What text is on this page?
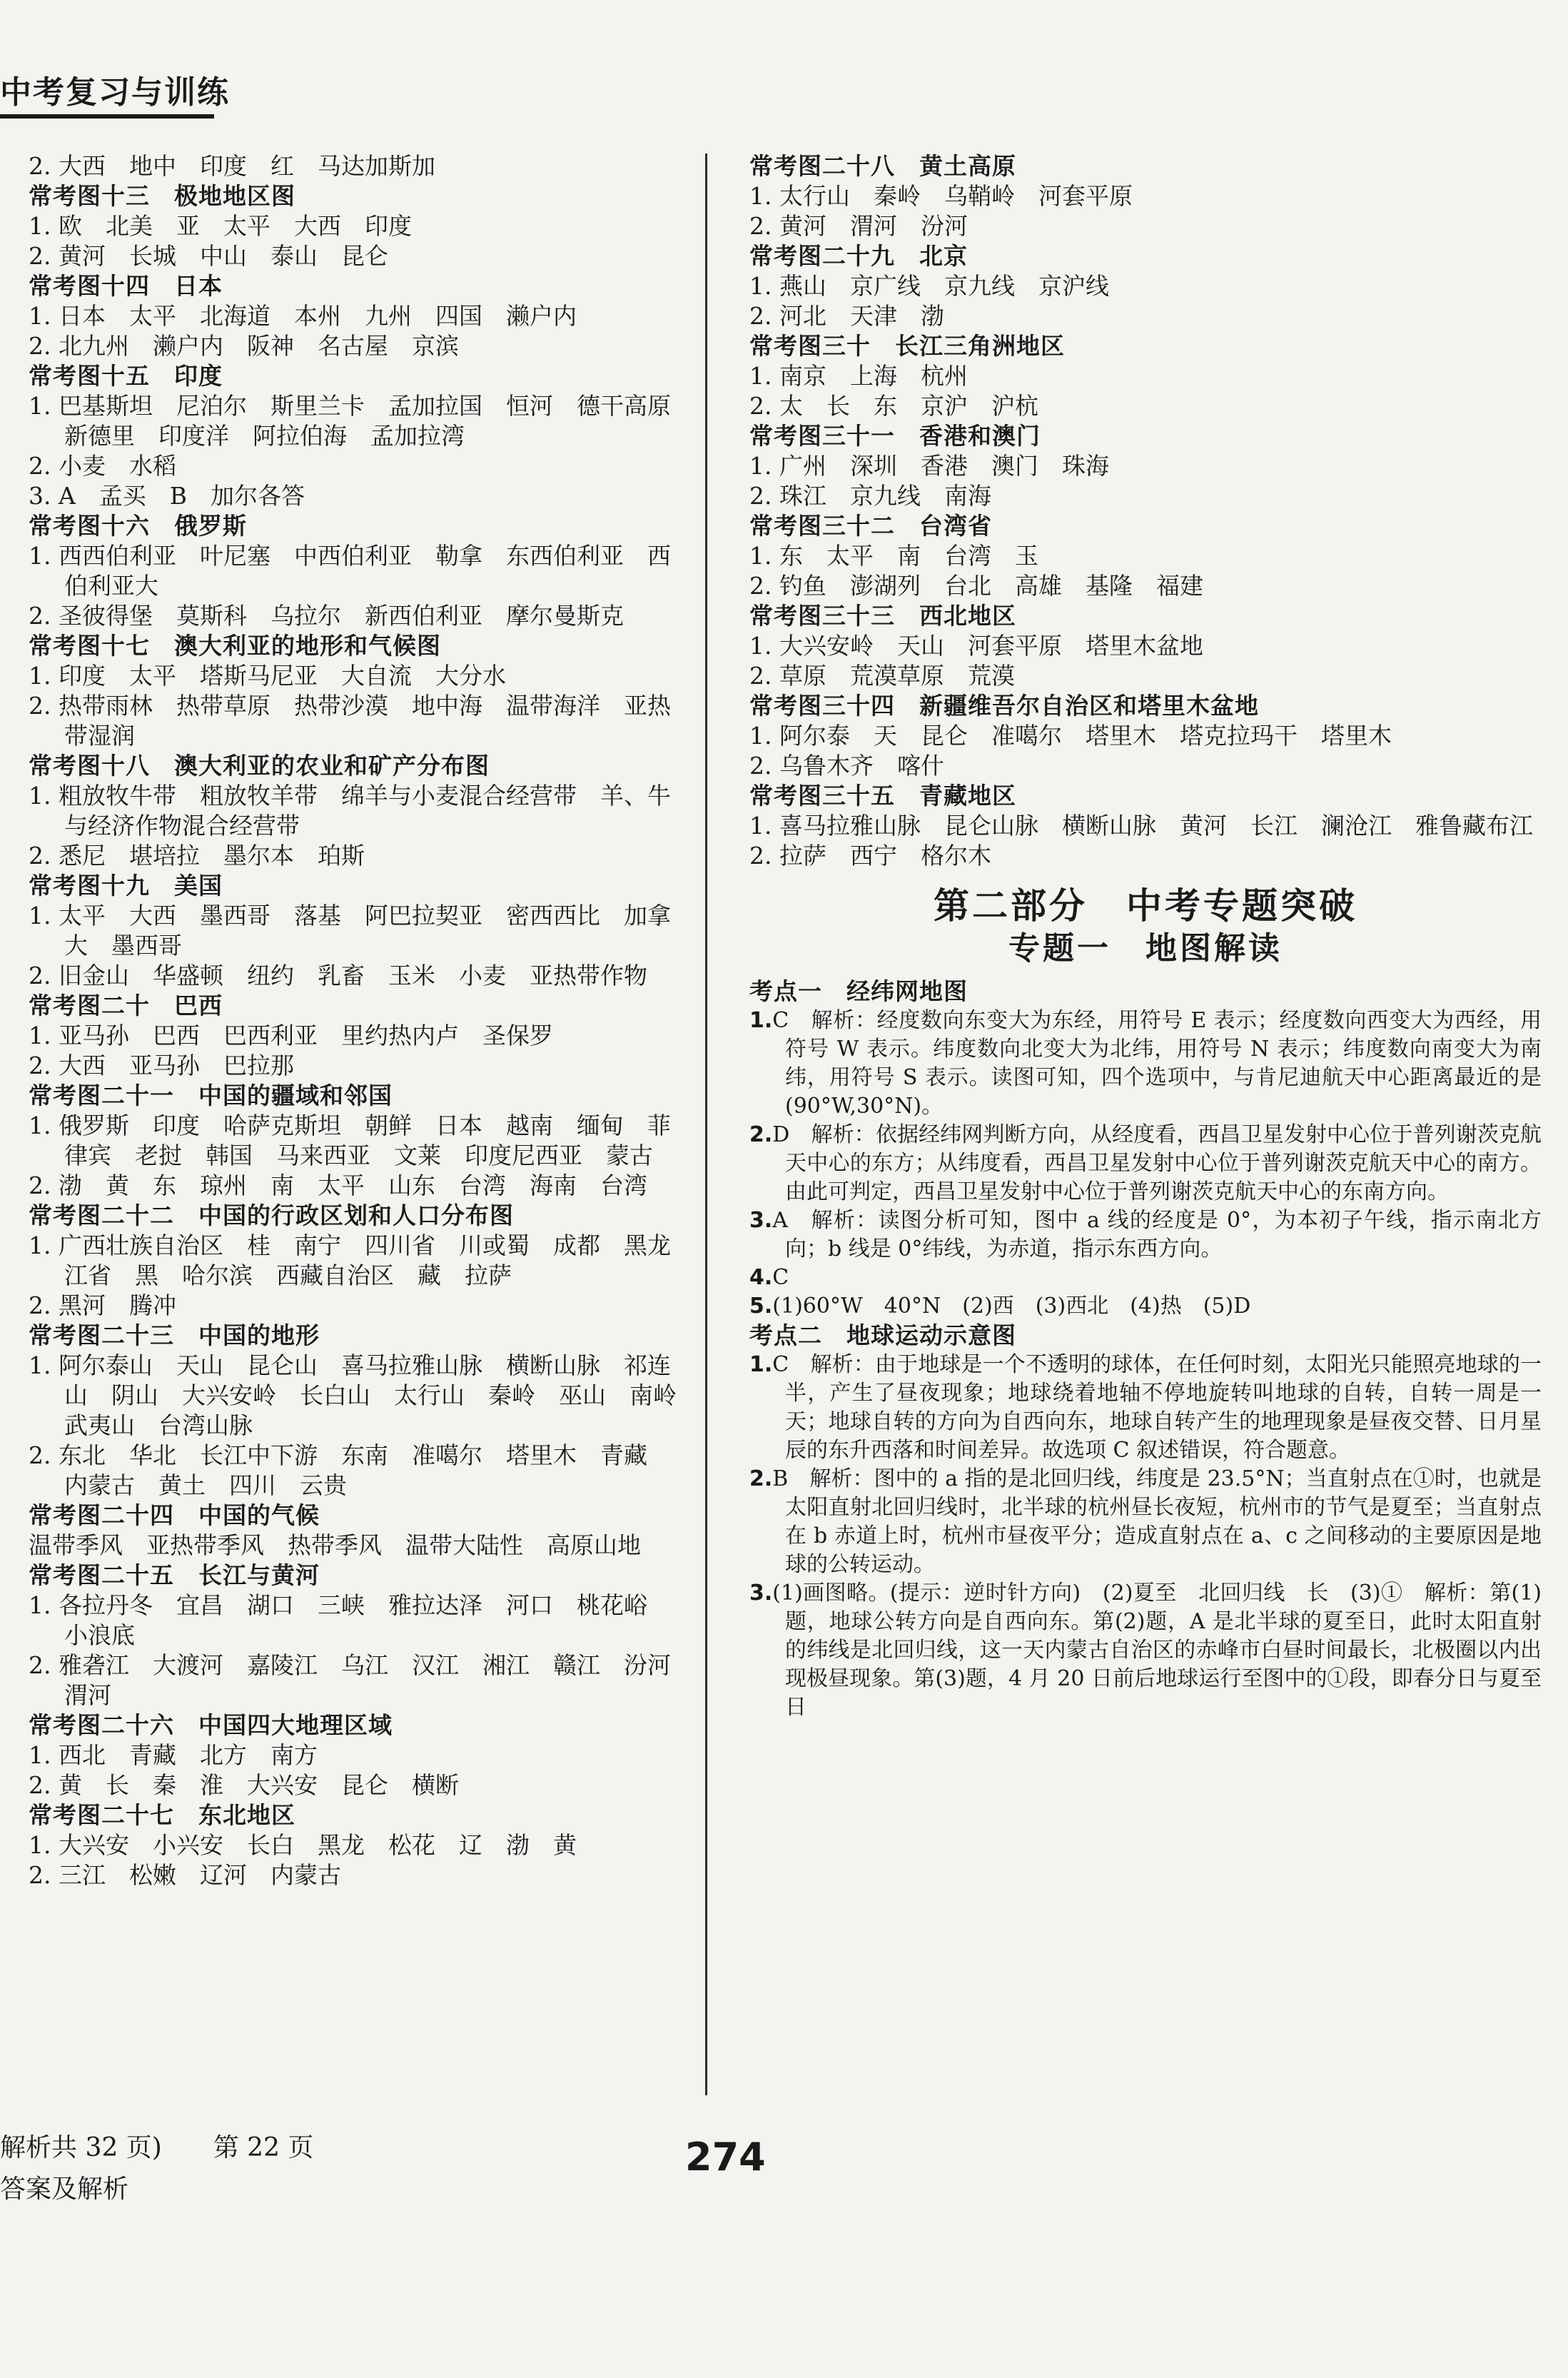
中考复习与训练
2. 大西　地中　印度　红　马达加斯加
常考图十三　极地地区图
1. 欧　北美　亚　太平　大西　印度
2. 黄河　长城　中山　泰山　昆仑
常考图十四　日本
1. 日本　太平　北海道　本州　九州　四国　濑户内
2. 北九州　濑户内　阪神　名古屋　京滨
常考图十五　印度
1. 巴基斯坦　尼泊尔　斯里兰卡　孟加拉国　恒河　德干高原　新德里　印度洋　阿拉伯海　孟加拉湾
2. 小麦　水稻
3. A　孟买　B　加尔各答
常考图十六　俄罗斯
1. 西西伯利亚　叶尼塞　中西伯利亚　勒拿　东西伯利亚　西伯利亚大
2. 圣彼得堡　莫斯科　乌拉尔　新西伯利亚　摩尔曼斯克
常考图十七　澳大利亚的地形和气候图
1. 印度　太平　塔斯马尼亚　大自流　大分水
2. 热带雨林　热带草原　热带沙漠　地中海　温带海洋　亚热带湿润
常考图十八　澳大利亚的农业和矿产分布图
1. 粗放牧牛带　粗放牧羊带　绵羊与小麦混合经营带　羊、牛与经济作物混合经营带
2. 悉尼　堪培拉　墨尔本　珀斯
常考图十九　美国
1. 太平　大西　墨西哥　落基　阿巴拉契亚　密西西比　加拿大　墨西哥
2. 旧金山　华盛顿　纽约　乳畜　玉米　小麦　亚热带作物
常考图二十　巴西
1. 亚马孙　巴西　巴西利亚　里约热内卢　圣保罗
2. 大西　亚马孙　巴拉那
常考图二十一　中国的疆域和邻国
1. 俄罗斯　印度　哈萨克斯坦　朝鲜　日本　越南　缅甸　菲律宾　老挝　韩国　马来西亚　文莱　印度尼西亚　蒙古
2. 渤　黄　东　琼州　南　太平　山东　台湾　海南　台湾
常考图二十二　中国的行政区划和人口分布图
1. 广西壮族自治区　桂　南宁　四川省　川或蜀　成都　黑龙江省　黑　哈尔滨　西藏自治区　藏　拉萨
2. 黑河　腾冲
常考图二十三　中国的地形
1. 阿尔泰山　天山　昆仑山　喜马拉雅山脉　横断山脉　祁连山　阴山　大兴安岭　长白山　太行山　秦岭　巫山　南岭　武夷山　台湾山脉
2. 东北　华北　长江中下游　东南　准噶尔　塔里木　青藏　内蒙古　黄土　四川　云贵
常考图二十四　中国的气候
温带季风　亚热带季风　热带季风　温带大陆性　高原山地
常考图二十五　长江与黄河
1. 各拉丹冬　宜昌　湖口　三峡　雅拉达泽　河口　桃花峪　小浪底
2. 雅砻江　大渡河　嘉陵江　乌江　汉江　湘江　赣江　汾河　渭河
常考图二十六　中国四大地理区域
1. 西北　青藏　北方　南方
2. 黄　长　秦　淮　大兴安　昆仑　横断
常考图二十七　东北地区
1. 大兴安　小兴安　长白　黑龙　松花　辽　渤　黄
2. 三江　松嫩　辽河　内蒙古
常考图二十八　黄土高原
1. 太行山　秦岭　乌鞘岭　河套平原
2. 黄河　渭河　汾河
常考图二十九　北京
1. 燕山　京广线　京九线　京沪线
2. 河北　天津　渤
常考图三十　长江三角洲地区
1. 南京　上海　杭州
2. 太　长　东　京沪　沪杭
常考图三十一　香港和澳门
1. 广州　深圳　香港　澳门　珠海
2. 珠江　京九线　南海
常考图三十二　台湾省
1. 东　太平　南　台湾　玉
2. 钓鱼　澎湖列　台北　高雄　基隆　福建
常考图三十三　西北地区
1. 大兴安岭　天山　河套平原　塔里木盆地
2. 草原　荒漠草原　荒漠
常考图三十四　新疆维吾尔自治区和塔里木盆地
1. 阿尔泰　天　昆仑　准噶尔　塔里木　塔克拉玛干　塔里木
2. 乌鲁木齐　喀什
常考图三十五　青藏地区
1. 喜马拉雅山脉　昆仑山脉　横断山脉　黄河　长江　澜沧江　雅鲁藏布江
2. 拉萨　西宁　格尔木
第二部分　中考专题突破
专题一　地图解读
考点一　经纬网地图
1.C　解析：经度数向东变大为东经，用符号 E 表示；经度数向西变大为西经，用符号 W 表示。纬度数向北变大为北纬，用符号 N 表示；纬度数向南变大为南纬，用符号 S 表示。读图可知，四个选项中，与肯尼迪航天中心距离最近的是(90°W,30°N)。
2.D　解析：依据经纬网判断方向，从经度看，西昌卫星发射中心位于普列谢茨克航天中心的东方；从纬度看，西昌卫星发射中心位于普列谢茨克航天中心的南方。由此可判定，西昌卫星发射中心位于普列谢茨克航天中心的东南方向。
3.A　解析：读图分析可知，图中 a 线的经度是 0°，为本初子午线，指示南北方向；b 线是 0°纬线，为赤道，指示东西方向。
4.C
5.(1)60°W　40°N　(2)西　(3)西北　(4)热　(5)D
考点二　地球运动示意图
1.C　解析：由于地球是一个不透明的球体，在任何时刻，太阳光只能照亮地球的一半，产生了昼夜现象；地球绕着地轴不停地旋转叫地球的自转，自转一周是一天；地球自转的方向为自西向东，地球自转产生的地理现象是昼夜交替、日月星辰的东升西落和时间差异。故选项 C 叙述错误，符合题意。
2.B　解析：图中的 a 指的是北回归线，纬度是 23.5°N；当直射点在①时，也就是太阳直射北回归线时，北半球的杭州昼长夜短，杭州市的节气是夏至；当直射点在 b 赤道上时，杭州市昼夜平分；造成直射点在 a、c 之间移动的主要原因是地球的公转运动。
3.(1)画图略。(提示：逆时针方向)　(2)夏至　北回归线　长　(3)①　解析：第(1)题，地球公转方向是自西向东。第(2)题，A 是北半球的夏至日，此时太阳直射的纬线是北回归线，这一天内蒙古自治区的赤峰市白昼时间最长，北极圈以内出现极昼现象。第(3)题，4 月 20 日前后地球运行至图中的①段，即春分日与夏至日
解析共 32 页)　　第 22 页
答案及解析
274
